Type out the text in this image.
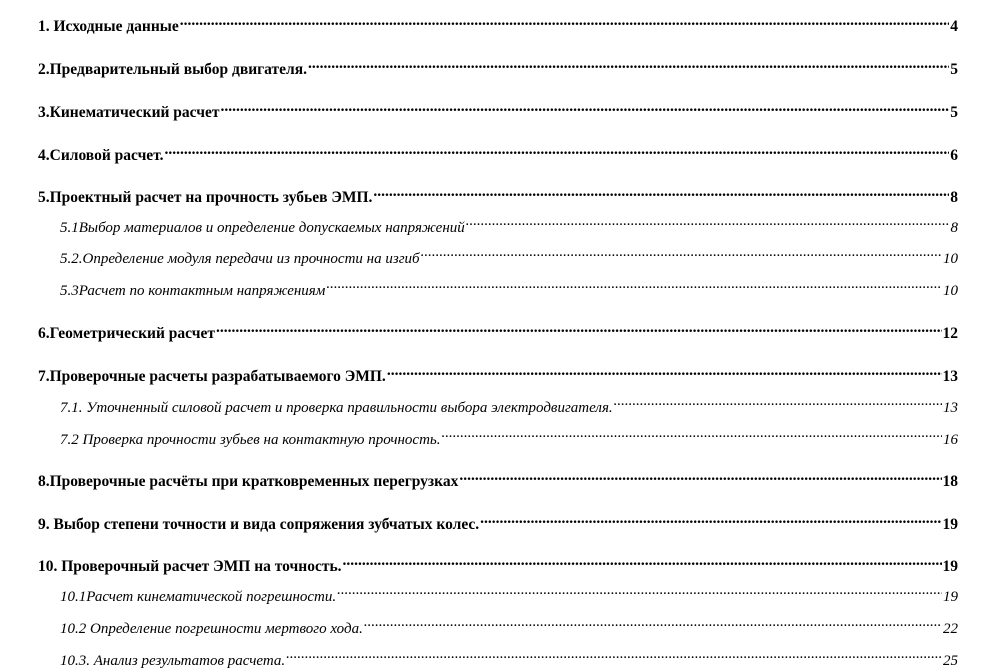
1. Исходные данные .....	4
2.Предварительный выбор двигателя. .....	5
3.Кинематический расчет .....	5
4.Силовой расчет. .....	6
5.Проектный расчет на прочность зубьев ЭМП. .....	8
5.1Выбор материалов и определение допускаемых напряжений .....	8
5.2.Определение модуля передачи из прочности на изгиб .....	10
5.3Расчет по контактным напряжениям .....	10
6.Геометрический расчет .....	12
7.Проверочные расчеты разрабатываемого ЭМП. .....	13
7.1. Уточненный силовой расчет и проверка правильности выбора электродвигателя. .....	13
7.2 Проверка прочности зубьев на контактную прочность. .....	16
8.Проверочные расчёты при кратковременных перегрузках .....	18
9. Выбор степени точности и вида сопряжения зубчатых колес. .....	19
10. Проверочный расчет ЭМП на точность. .....	19
10.1Расчет кинематической погрешности. .....	19
10.2 Определение погрешности мертвого хода. .....	22
10.3. Анализ результатов расчета. .....	25
